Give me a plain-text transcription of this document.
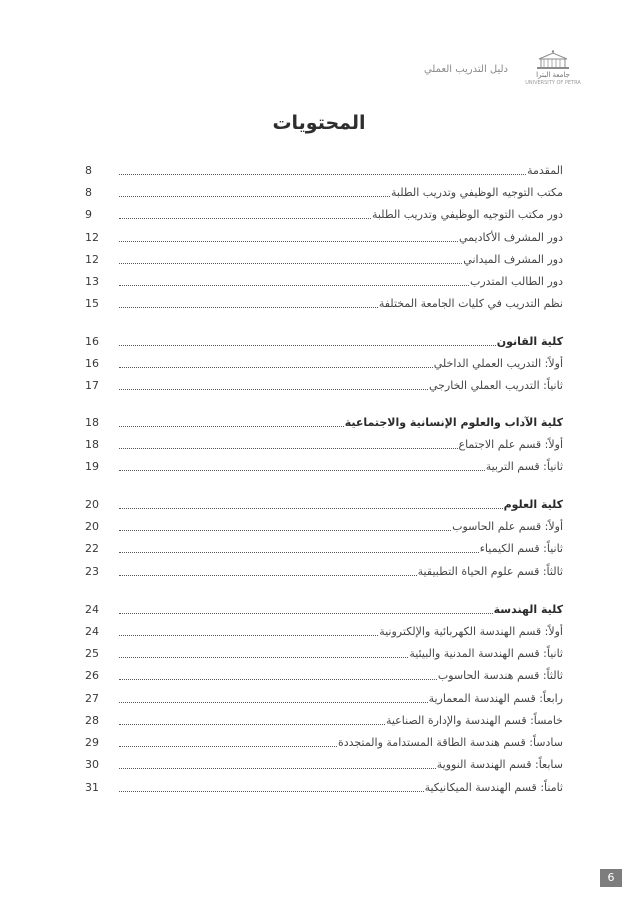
جامعة البترا
UNIVERSITY OF PETRA
دليل التدريب العملي
المحتويات
8	المقدمة
8	مكتب التوجيه الوظيفي وتدريب الطلبة
9	دور مكتب التوجيه الوظيفي وتدريب الطلبة
12	دور المشرف الأكاديمي
12	دور المشرف الميداني
13	دور الطالب المتدرب
15	نظم التدريب في كليات الجامعة المختلفة
16	كلية القانون
16	أولاً: التدريب العملي الداخلي
17	ثانياً: التدريب العملي الخارجي
18	كلية الآداب والعلوم الإنسانية والاجتماعية
18	أولاً: قسم علم الاجتماع
19	ثانياً: قسم التربية
20	كلية العلوم
20	أولاً: قسم علم الحاسوب
22	ثانياً: قسم الكيمياء
23	ثالثاً: قسم علوم الحياة التطبيقية
24	كلية الهندسة
24	أولاً: قسم الهندسة الكهربائية والإلكترونية
25	ثانياً: قسم الهندسة المدنية والبيئية
26	ثالثاً: قسم هندسة الحاسوب
27	رابعاً: قسم الهندسة المعمارية
28	خامساً: قسم الهندسة والإدارة الصناعية
29	سادساً: قسم هندسة الطاقة المستدامة والمتجددة
30	سابعاً: قسم الهندسة النووية
31	ثامناً: قسم الهندسة الميكانيكية
6
